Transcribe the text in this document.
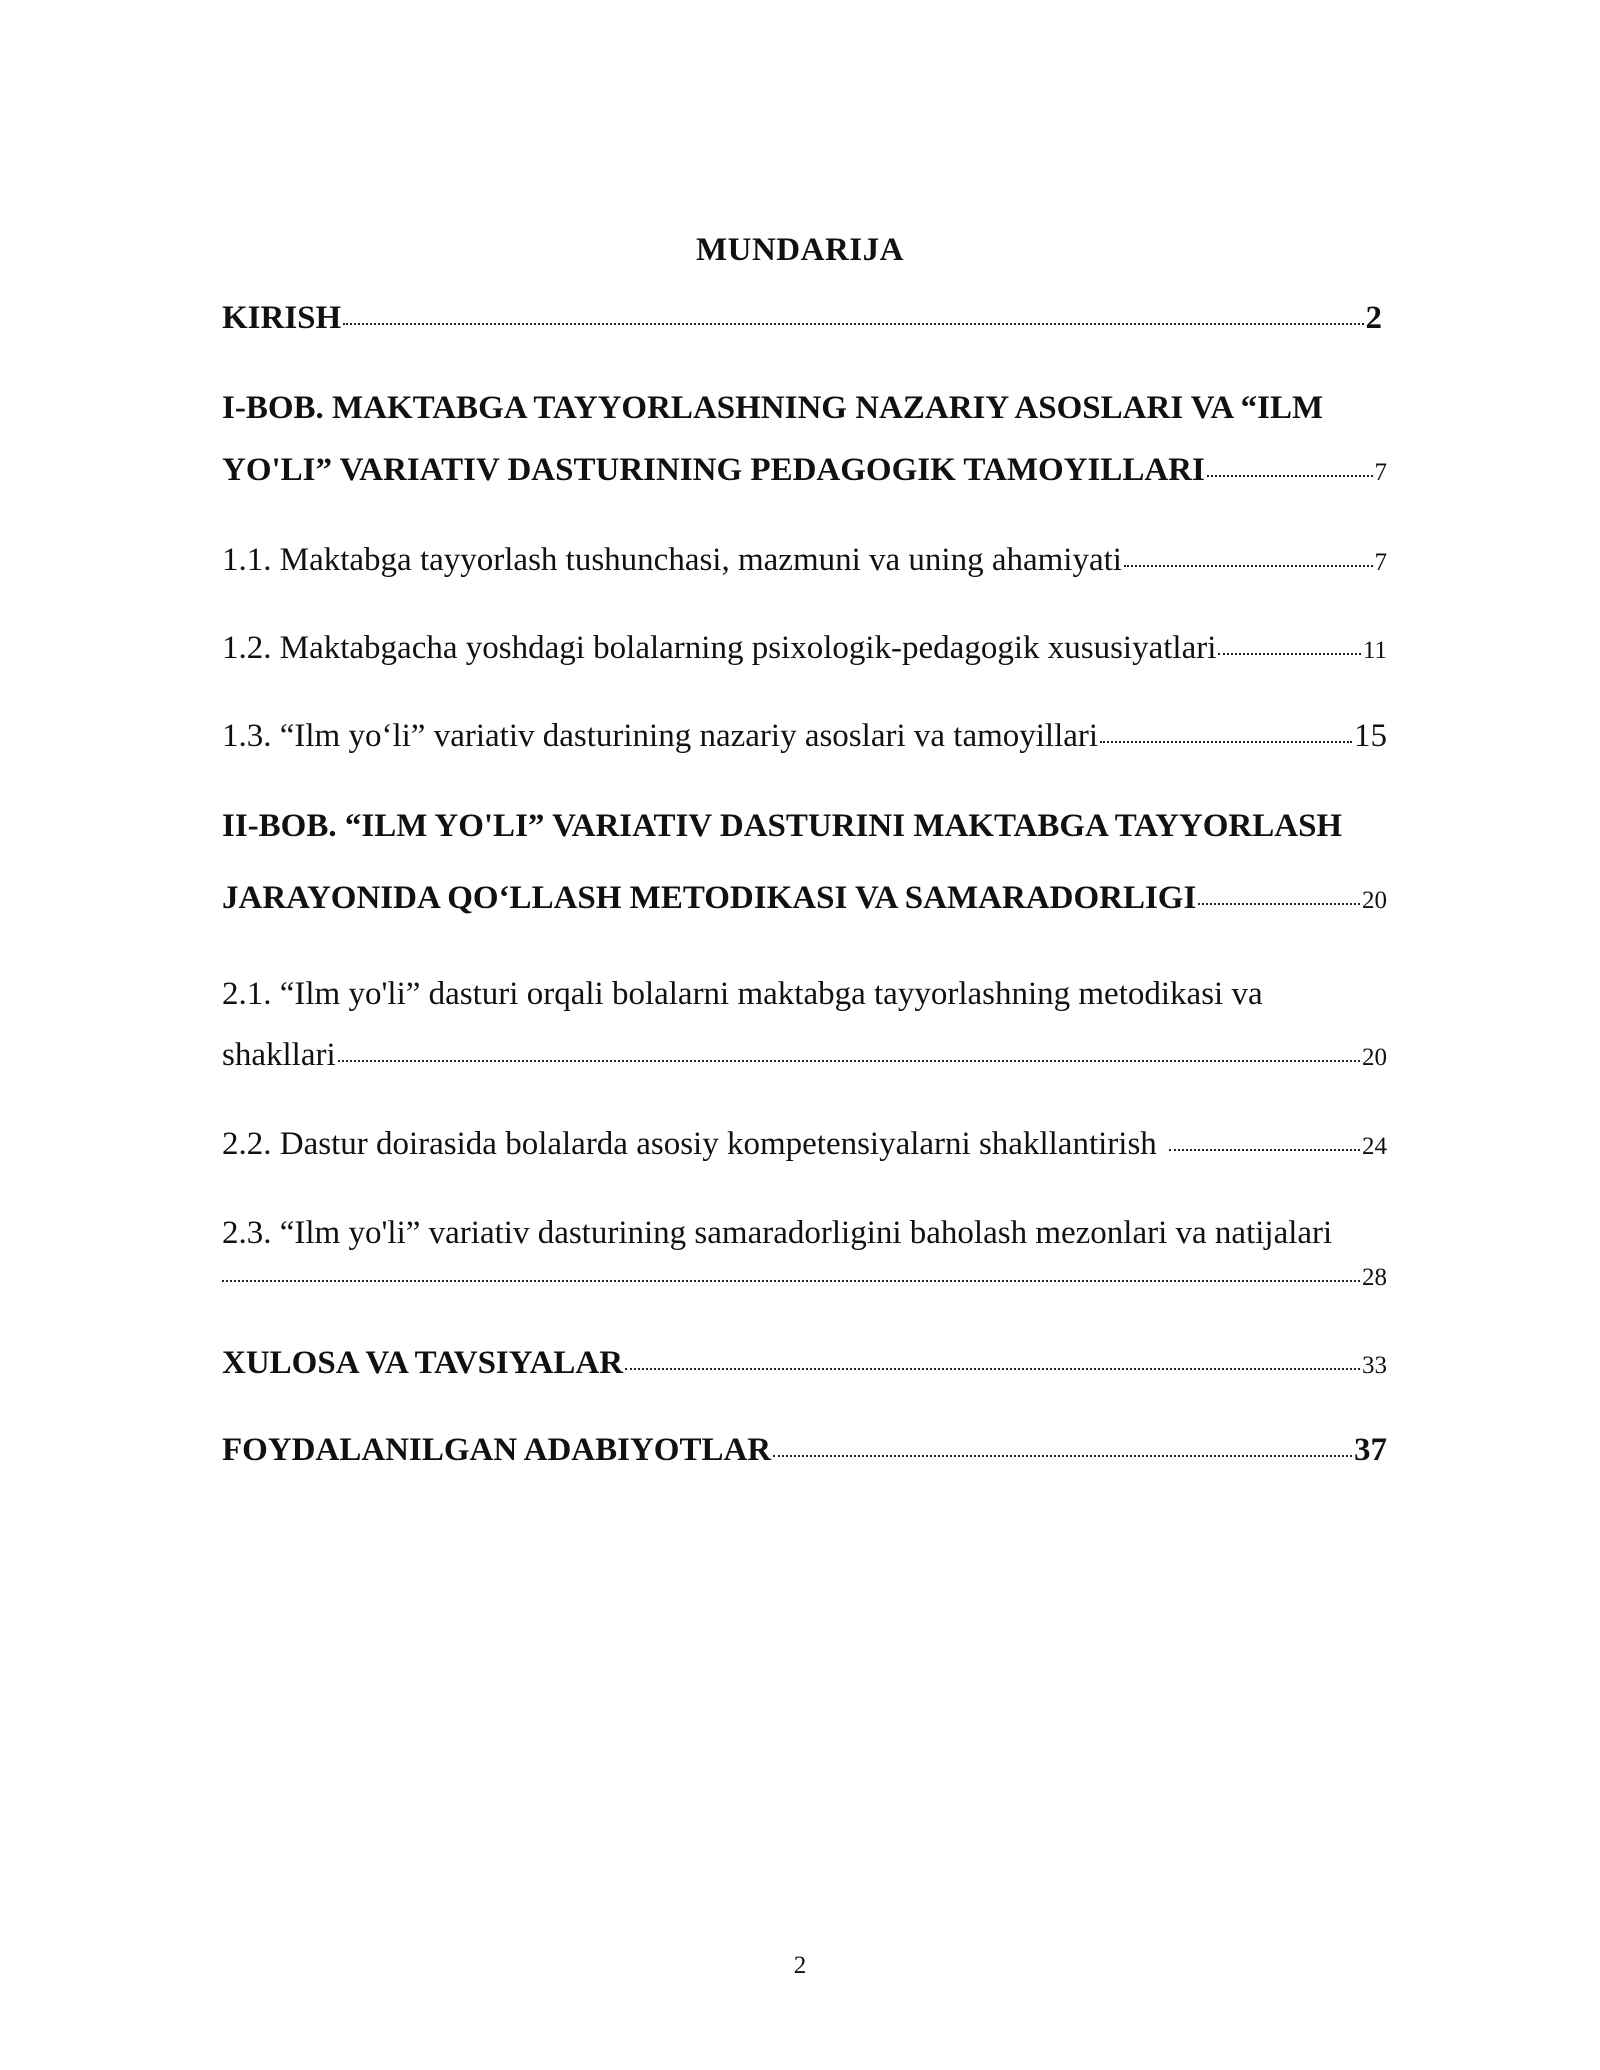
MUNDARIJA
KIRISH	2
I-BOB. MAKTABGA TAYYORLASHNING NAZARIY ASOSLARI VA “ILM
YO'LI” VARIATIV DASTURINING PEDAGOGIK TAMOYILLARI	7
1.1. Maktabga tayyorlash tushunchasi, mazmuni va uning ahamiyati	7
1.2. Maktabgacha yoshdagi bolalarning psixologik-pedagogik xususiyatlari	11
1.3. “Ilm yo‘li” variativ dasturining nazariy asoslari va tamoyillari	15
II-BOB. “ILM YO'LI” VARIATIV DASTURINI MAKTABGA TAYYORLASH
JARAYONIDA QO‘LLASH METODIKASI VA SAMARADORLIGI	20
2.1. “Ilm yo'li” dasturi orqali bolalarni maktabga tayyorlashning metodikasi va
shakllari	20
2.2. Dastur doirasida bolalarda asosiy kompetensiyalarni shakllantirish	24
2.3. “Ilm yo'li” variativ dasturining samaradorligini baholash mezonlari va natijalari
28
XULOSA VA TAVSIYALAR	33
FOYDALANILGAN ADABIYOTLAR	37
2
